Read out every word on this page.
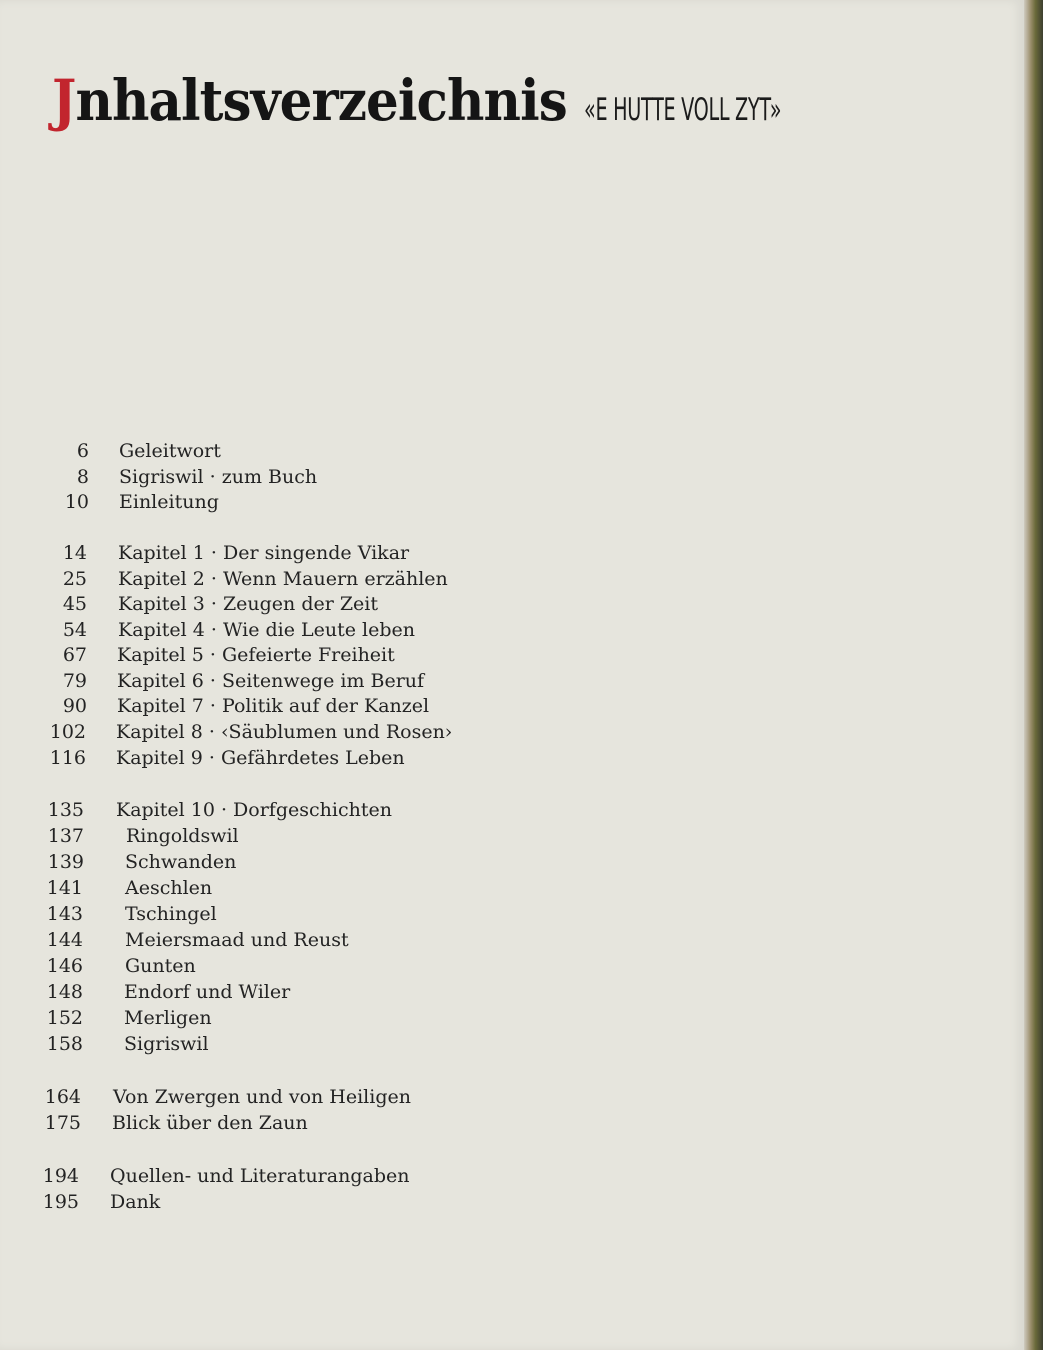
Jnhaltsverzeichnis «E HUTTE VOLL ZYT»
6 Geleitwort
8 Sigriswil · zum Buch
10 Einleitung
14 Kapitel 1 · Der singende Vikar
25 Kapitel 2 · Wenn Mauern erzählen
45 Kapitel 3 · Zeugen der Zeit
54 Kapitel 4 · Wie die Leute leben
67 Kapitel 5 · Gefeierte Freiheit
79 Kapitel 6 · Seitenwege im Beruf
90 Kapitel 7 · Politik auf der Kanzel
102 Kapitel 8 · ‹Säublumen und Rosen›
116 Kapitel 9 · Gefährdetes Leben
135 Kapitel 10 · Dorfgeschichten
137 Ringoldswil
139 Schwanden
141 Aeschlen
143 Tschingel
144 Meiersmaad und Reust
146 Gunten
148 Endorf und Wiler
152 Merligen
158 Sigriswil
164 Von Zwergen und von Heiligen
175 Blick über den Zaun
194 Quellen- und Literaturangaben
195 Dank
